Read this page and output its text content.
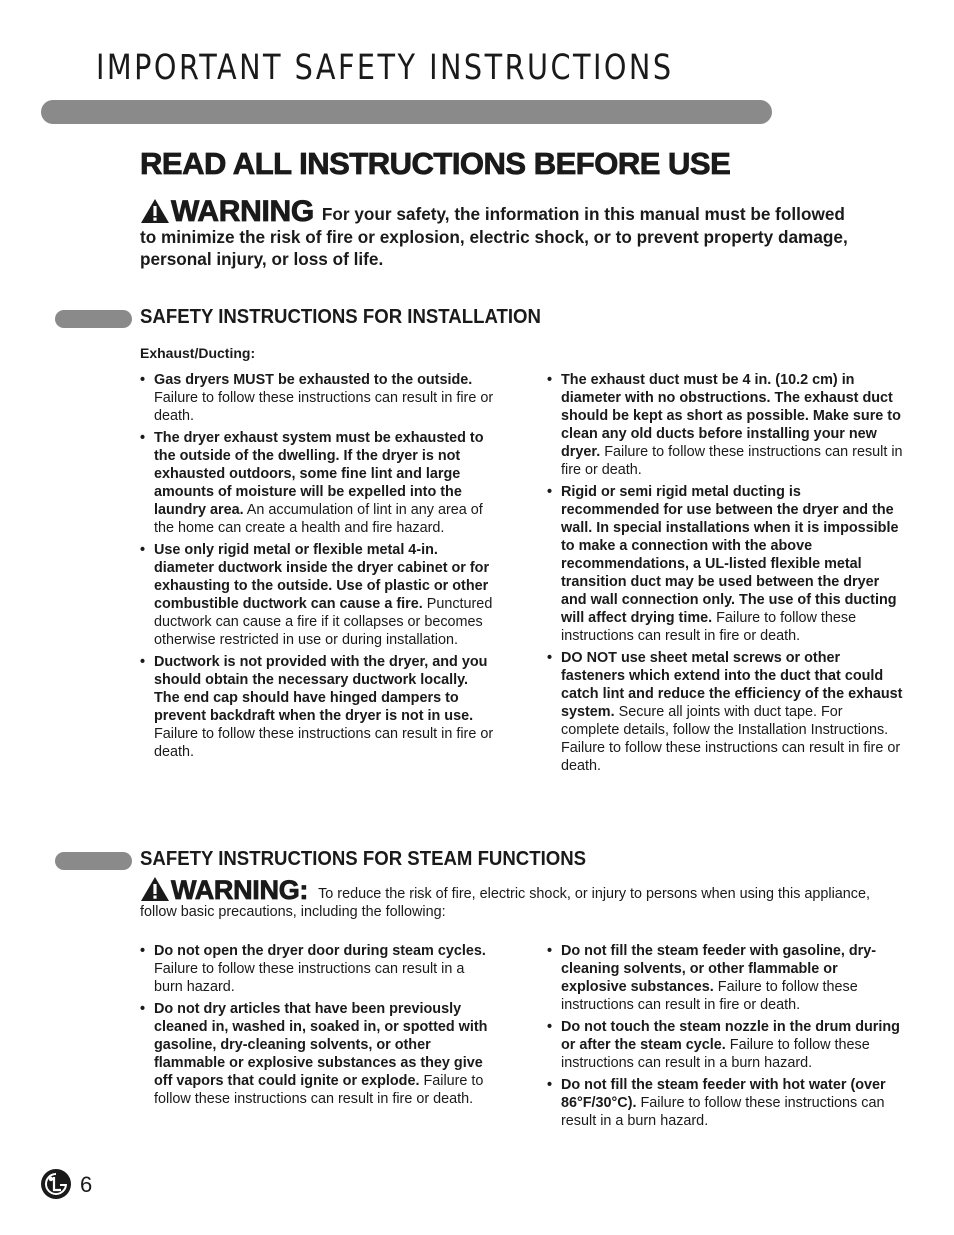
IMPORTANT SAFETY INSTRUCTIONS
READ ALL INSTRUCTIONS BEFORE USE
WARNING For your safety, the information in this manual must be followed to minimize the risk of fire or explosion, electric shock, or to prevent property damage, personal injury, or loss of life.
SAFETY INSTRUCTIONS FOR INSTALLATION
Exhaust/Ducting:
• Gas dryers MUST be exhausted to the outside. Failure to follow these instructions can result in fire or death.
• The dryer exhaust system must be exhausted to the outside of the dwelling. If the dryer is not exhausted outdoors, some fine lint and large amounts of moisture will be expelled into the laundry area. An accumulation of lint in any area of the home can create a health and fire hazard.
• Use only rigid metal or flexible metal 4-in. diameter ductwork inside the dryer cabinet or for exhausting to the outside. Use of plastic or other combustible ductwork can cause a fire. Punctured ductwork can cause a fire if it collapses or becomes otherwise restricted in use or during installation.
• Ductwork is not provided with the dryer, and you should obtain the necessary ductwork locally. The end cap should have hinged dampers to prevent backdraft when the dryer is not in use. Failure to follow these instructions can result in fire or death.
• The exhaust duct must be 4 in. (10.2 cm) in diameter with no obstructions. The exhaust duct should be kept as short as possible. Make sure to clean any old ducts before installing your new dryer. Failure to follow these instructions can result in fire or death.
• Rigid or semi rigid metal ducting is recommended for use between the dryer and the wall. In special installations when it is impossible to make a connection with the above recommendations, a UL-listed flexible metal transition duct may be used between the dryer and wall connection only. The use of this ducting will affect drying time. Failure to follow these instructions can result in fire or death.
• DO NOT use sheet metal screws or other fasteners which extend into the duct that could catch lint and reduce the efficiency of the exhaust system. Secure all joints with duct tape. For complete details, follow the Installation Instructions. Failure to follow these instructions can result in fire or death.
SAFETY INSTRUCTIONS FOR STEAM FUNCTIONS
WARNING: To reduce the risk of fire, electric shock, or injury to persons when using this appliance, follow basic precautions, including the following:
• Do not open the dryer door during steam cycles. Failure to follow these instructions can result in a burn hazard.
• Do not dry articles that have been previously cleaned in, washed in, soaked in, or spotted with gasoline, dry-cleaning solvents, or other flammable or explosive substances as they give off vapors that could ignite or explode. Failure to follow these instructions can result in fire or death.
• Do not fill the steam feeder with gasoline, dry-cleaning solvents, or other flammable or explosive substances. Failure to follow these instructions can result in fire or death.
• Do not touch the steam nozzle in the drum during or after the steam cycle. Failure to follow these instructions can result in a burn hazard.
• Do not fill the steam feeder with hot water (over 86°F/30°C). Failure to follow these instructions can result in a burn hazard.
6
